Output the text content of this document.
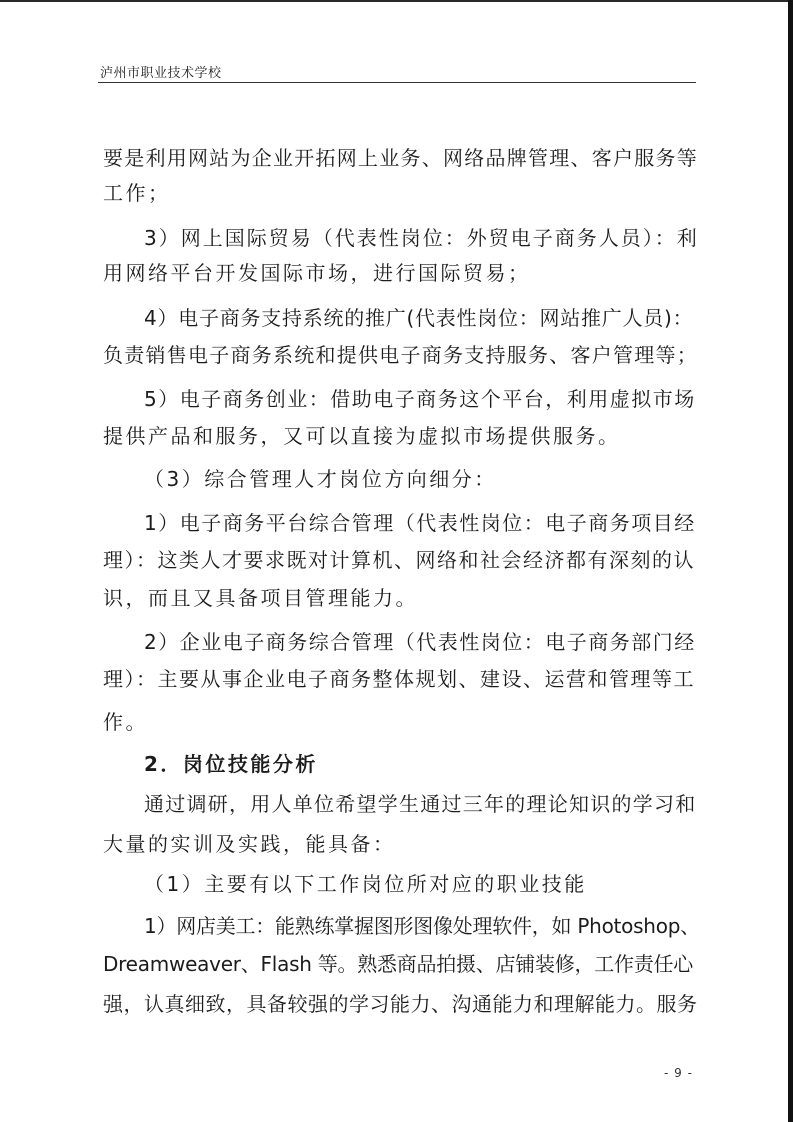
泸州市职业技术学校
要是利用网站为企业开拓网上业务、网络品牌管理、客户服务等
工作；
3）网上国际贸易（代表性岗位：外贸电子商务人员）：利
用网络平台开发国际市场，进行国际贸易；
4）电子商务支持系统的推广(代表性岗位：网站推广人员)：
负责销售电子商务系统和提供电子商务支持服务、客户管理等；
5）电子商务创业：借助电子商务这个平台，利用虚拟市场
提供产品和服务，又可以直接为虚拟市场提供服务。
（3）综合管理人才岗位方向细分：
1）电子商务平台综合管理（代表性岗位：电子商务项目经
理）：这类人才要求既对计算机、网络和社会经济都有深刻的认
识，而且又具备项目管理能力。
2）企业电子商务综合管理（代表性岗位：电子商务部门经
理）：主要从事企业电子商务整体规划、建设、运营和管理等工
作。
2．岗位技能分析
通过调研，用人单位希望学生通过三年的理论知识的学习和
大量的实训及实践，能具备：
（1）主要有以下工作岗位所对应的职业技能
1）网店美工：能熟练掌握图形图像处理软件，如 Photoshop、
Dreamweaver、Flash 等。熟悉商品拍摄、店铺装修，工作责任心
强，认真细致，具备较强的学习能力、沟通能力和理解能力。服务
- 9 -
